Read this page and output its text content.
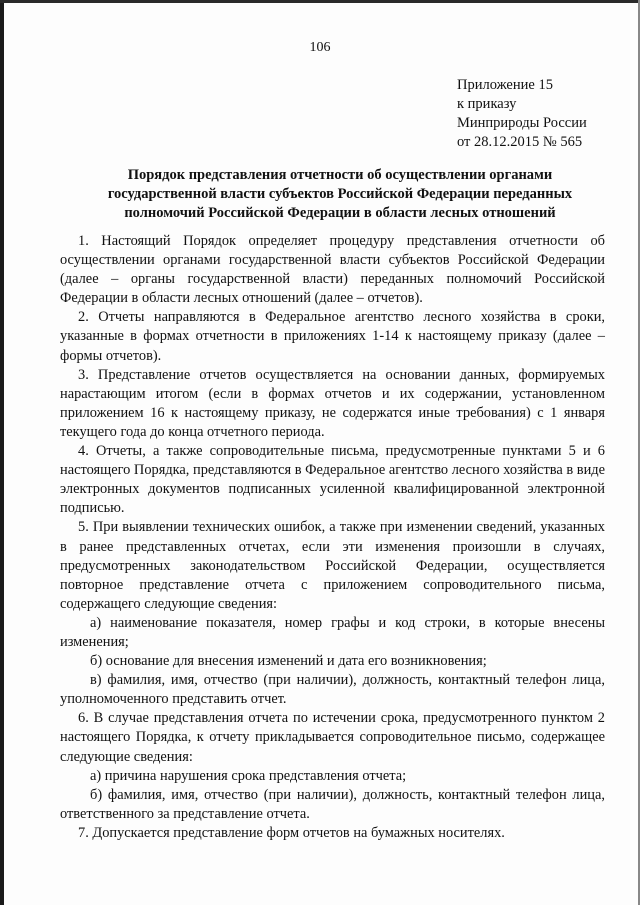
106
Приложение 15
к приказу
Минприроды России
от 28.12.2015 № 565
Порядок представления отчетности об осуществлении органами
государственной власти субъектов Российской Федерации переданных
полномочий Российской Федерации в области лесных отношений

1. Настоящий Порядок определяет процедуру представления отчетности об осуществлении органами государственной власти субъектов Российской Федерации (далее – органы государственной власти) переданных полномочий Российской Федерации в области лесных отношений (далее – отчетов).

2. Отчеты направляются в Федеральное агентство лесного хозяйства в сроки, указанные в формах отчетности в приложениях 1-14 к настоящему приказу (далее – формы отчетов).

3. Представление отчетов осуществляется на основании данных, формируемых нарастающим итогом (если в формах отчетов и их содержании, установленном приложением 16 к настоящему приказу, не содержатся иные требования) с 1 января текущего года до конца отчетного периода.

4. Отчеты, а также сопроводительные письма, предусмотренные пунктами 5 и 6 настоящего Порядка, представляются в Федеральное агентство лесного хозяйства в виде электронных документов подписанных усиленной квалифицированной электронной подписью.

5. При выявлении технических ошибок, а также при изменении сведений, указанных в ранее представленных отчетах, если эти изменения произошли в случаях, предусмотренных законодательством Российской Федерации, осуществляется повторное представление отчета с приложением сопроводительного письма, содержащего следующие сведения:

а) наименование показателя, номер графы и код строки, в которые внесены изменения;

б) основание для внесения изменений и дата его возникновения;

в) фамилия, имя, отчество (при наличии), должность, контактный телефон лица, уполномоченного представить отчет.

6. В случае представления отчета по истечении срока, предусмотренного пунктом 2 настоящего Порядка, к отчету прикладывается сопроводительное письмо, содержащее следующие сведения:

а) причина нарушения срока представления отчета;

б) фамилия, имя, отчество (при наличии), должность, контактный телефон лица, ответственного за представление отчета.

7. Допускается представление форм отчетов на бумажных носителях.
